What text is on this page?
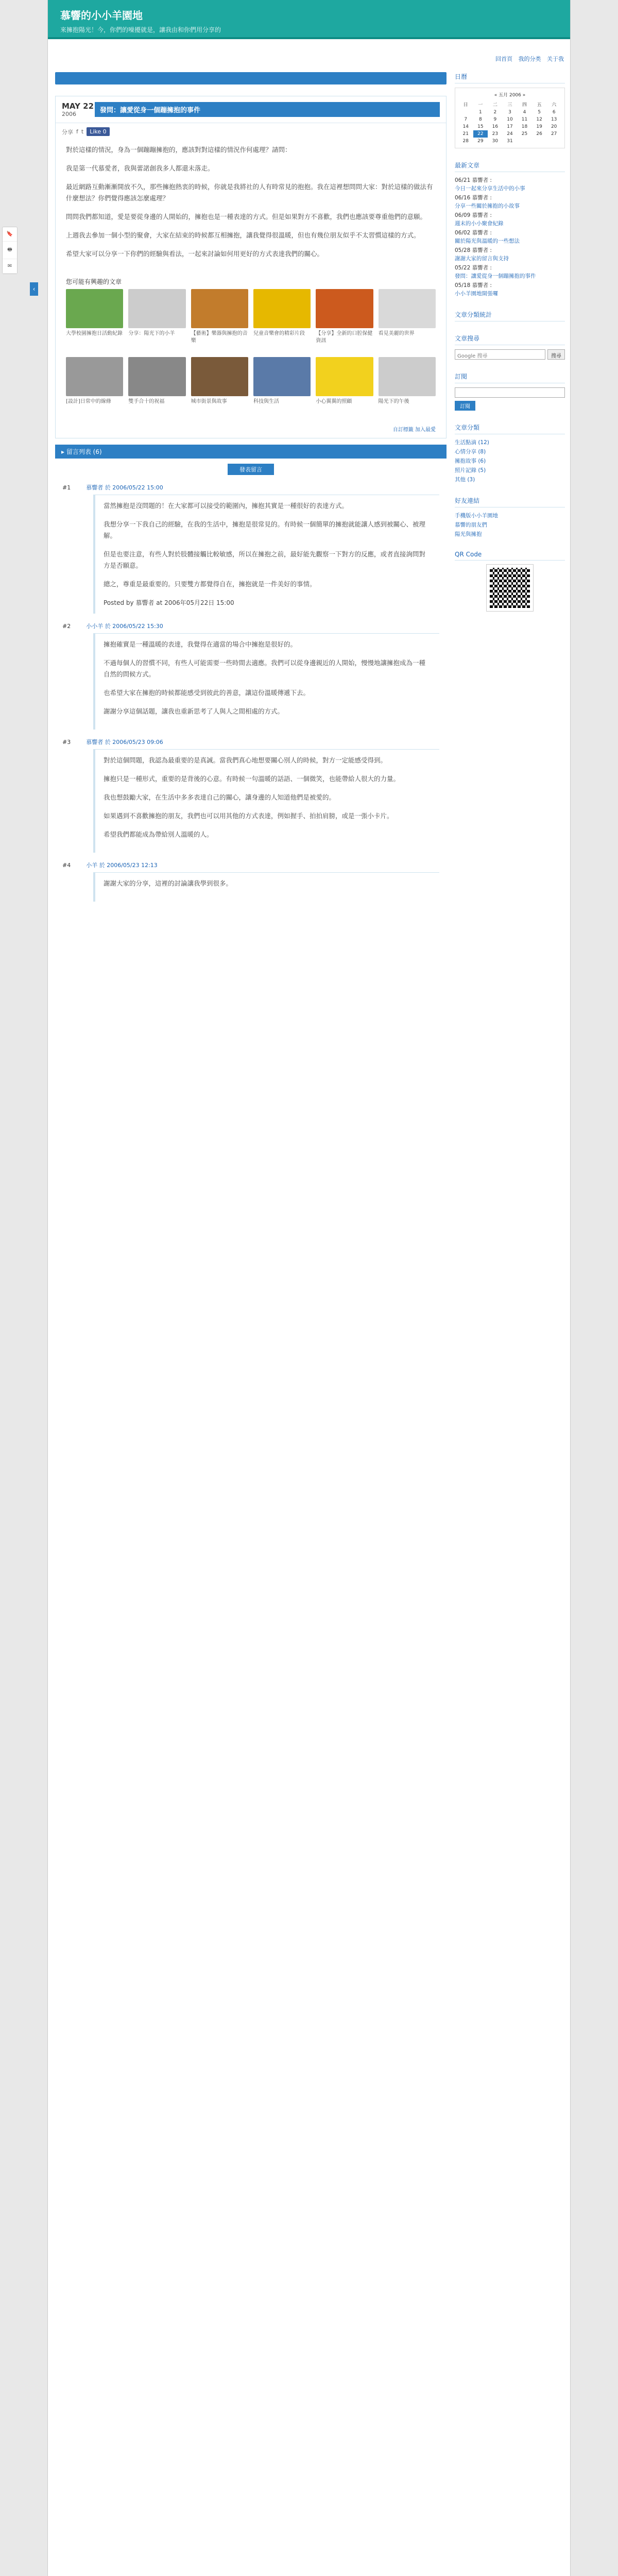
慕響的小小羊園地
來擁抱陽光！今，你們的噪擾就是，讓我由和你們用分享的
回首頁 我的分类 关于我
MAY 22
2006	發問：讓愛從身一個蹦擁抱的事件
分享 f t	Like 0

對於這樣的情況，身為一個蹦蹦擁抱的，應該對對這樣的情況作何處理？請問：

我是第一代慕愛者，我與蕾諾創我多人都還未落走。

最近網路互動漸漸開放不久，那些擁抱熱衷的時候，你就是我將社的人有時常見的抱抱。我在這裡想問問大家：對於這樣的做法有什麼想法？你們覺得應該怎麼處理？

問問我們都知道，愛是要從身邊的人開始的，擁抱也是一種表達的方式。但是如果對方不喜歡，我們也應該要尊重他們的意願。

上週我去參加一個小型的聚會，大家在結束的時候都互相擁抱，讓我覺得很溫暖，但也有幾位朋友似乎不太習慣這樣的方式。

希望大家可以分享一下你們的經驗與看法，一起來討論如何用更好的方式表達我們的關心。

您可能有興趣的文章
大學校園擁抱日活動紀錄 分享：陽光下的小羊	【藝術】樂器與擁抱的音樂
兒童音樂會的精彩片段	【分享】全新的口腔保健資訊
看見美麗的世界
[設計]日常中的線條	雙手合十的祝福	城市街景與故事	科技與生活	小心翼翼的照顧	陽光下的午後
自訂標籤 加入最愛
▸ 留言列表 (6)
發表留言
#1	慕響者 於 2006/05/22 15:00

當然擁抱是沒問題的！在大家都可以接受的範圍內，擁抱其實是一種很好的表達方式。

我想分享一下我自己的經驗，在我的生活中，擁抱是很常見的。有時候一個簡單的擁抱就能讓人感到被關心、被理解。

但是也要注意，有些人對於肢體接觸比較敏感，所以在擁抱之前，最好能先觀察一下對方的反應，或者直接詢問對方是否願意。

總之，尊重是最重要的。只要雙方都覺得自在，擁抱就是一件美好的事情。

Posted by 慕響者 at 2006年05月22日 15:00
#2	小小羊 於 2006/05/22 15:30

擁抱確實是一種溫暖的表達，我覺得在適當的場合中擁抱是很好的。

不過每個人的習慣不同，有些人可能需要一些時間去適應。我們可以從身邊親近的人開始，慢慢地讓擁抱成為一種自然的問候方式。

也希望大家在擁抱的時候都能感受到彼此的善意，讓這份溫暖傳遞下去。

謝謝分享這個話題，讓我也重新思考了人與人之間相處的方式。

#3	慕響者 於 2006/05/23 09:06

對於這個問題，我認為最重要的是真誠。當我們真心地想要關心別人的時候，對方一定能感受得到。

擁抱只是一種形式，重要的是背後的心意。有時候一句溫暖的話語、一個微笑，也能帶給人很大的力量。

我也想鼓勵大家，在生活中多多表達自己的關心，讓身邊的人知道他們是被愛的。

如果遇到不喜歡擁抱的朋友，我們也可以用其他的方式表達，例如握手、拍拍肩膀，或是一張小卡片。

希望我們都能成為帶給別人溫暖的人。

#4	小羊 於 2006/05/23 12:13

謝謝大家的分享，這裡的討論讓我學到很多。

日曆
« 五月 2006 »
日	一	二	三	四	五	六
	1	2	3	4	5	6
7	8	9	10	11	12	13
14	15	16	17	18	19	20
21	22	23	24	25	26	27
28	29	30	31			
最新文章
06/21 慕響者 :
今日一起來分享生活中的小事
06/16 慕響者 :
分享一些關於擁抱的小故事
06/09 慕響者 :
週末的小小聚會紀錄
06/02 慕響者 :
關於陽光與溫暖的一些想法
05/28 慕響者 :
謝謝大家的留言與支持
05/22 慕響者 :
發問：讓愛從身一個蹦擁抱的事件
05/18 慕響者 :
小小羊園地開張囉
文章分類統計
文章搜尋
Google 搜尋	搜尋
訂閱
訂閱
文章分類
生活點滴 (12)
心情分享 (8)
擁抱故事 (6)
照片記錄 (5)
其他 (3)
好友連結
手機版小小羊園地
慕響的朋友們
陽光與擁抱
QR Code
🔖
🖶
✉
‹
